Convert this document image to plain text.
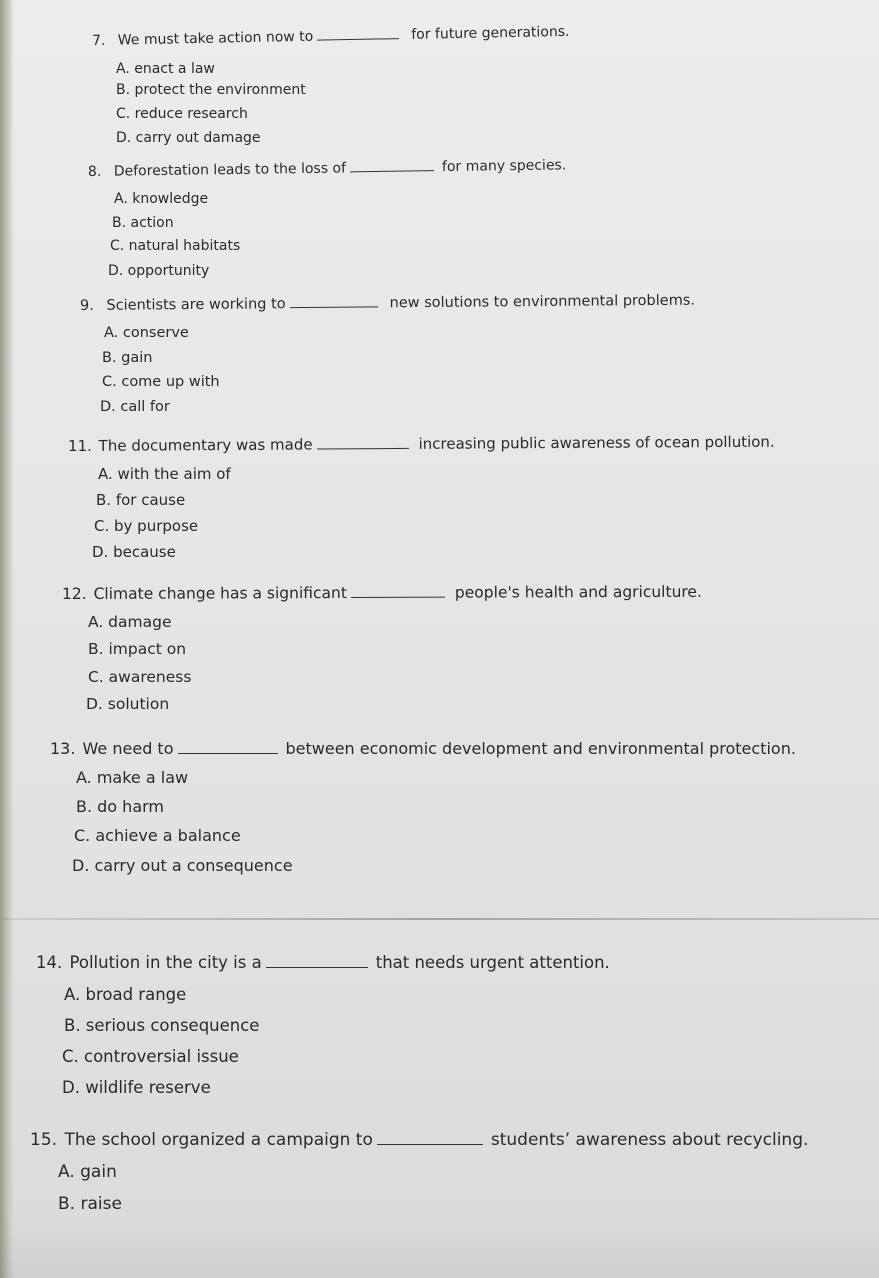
7. We must take action now to	for future generations.
A. enact a law
B. protect the environment
C. reduce research
D. carry out damage
8. Deforestation leads to the loss of	for many species.
A. knowledge
B. action
C. natural habitats
D. opportunity
9. Scientists are working to	new solutions to environmental problems.
A. conserve
B. gain
C. come up with
D. call for
11. The documentary was made	increasing public awareness of ocean pollution.
A. with the aim of
B. for cause
C. by purpose
D. because
12. Climate change has a significant	people's health and agriculture.
A. damage
B. impact on
C. awareness
D. solution
13. We need to	between economic development and environmental protection.
A. make a law
B. do harm
C. achieve a balance
D. carry out a consequence
14. Pollution in the city is a	that needs urgent attention.
A. broad range
B. serious consequence
C. controversial issue
D. wildlife reserve
15. The school organized a campaign to	students’ awareness about recycling.
A. gain
B. raise
